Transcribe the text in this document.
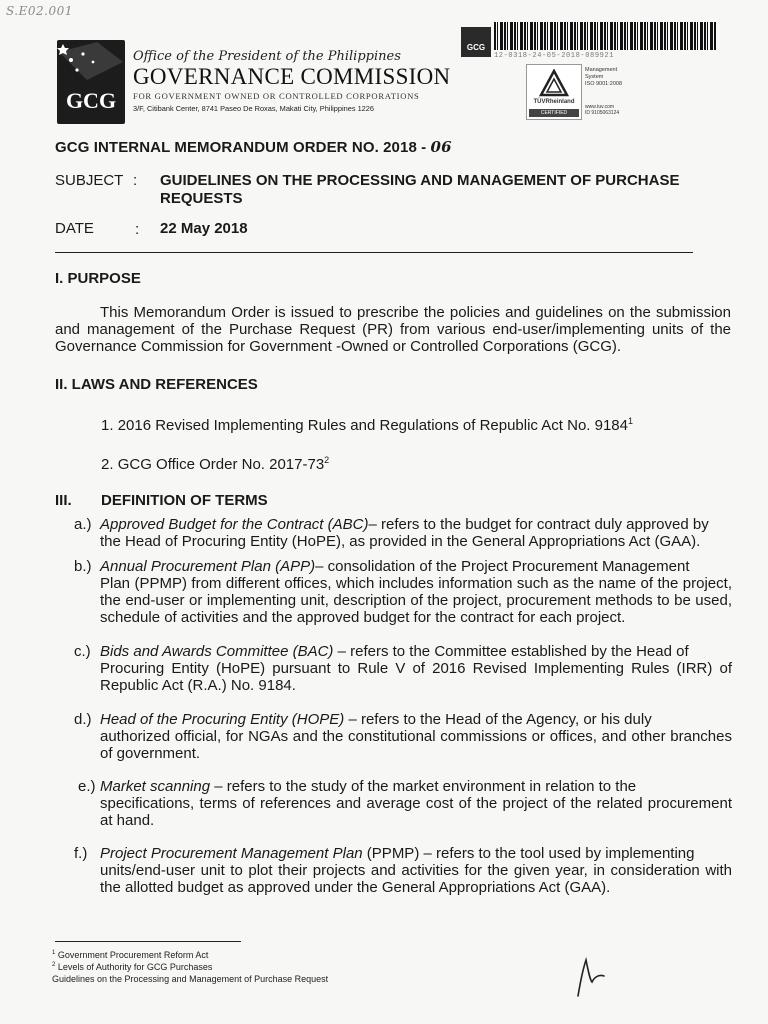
S.E02.001
GCG
Office of the President of the Philippines
GOVERNANCE COMMISSION
FOR GOVERNMENT OWNED OR CONTROLLED CORPORATIONS
3/F, Citibank Center, 8741 Paseo De Roxas, Makati City, Philippines 1226
GCG
12-0318-24-05-2018-089921
TÜVRheinland
CERTIFIED
Management
System
ISO 9001:2008
www.tuv.com
ID 9105063124
GCG INTERNAL MEMORANDUM ORDER NO. 2018 - 06
SUBJECT : GUIDELINES ON THE PROCESSING AND MANAGEMENT OF PURCHASE REQUESTS
DATE	: 22 May 2018
I. PURPOSE
This Memorandum Order is issued to prescribe the policies and guidelines on the submission and management of the Purchase Request (PR) from various end-user/implementing units of the Governance Commission for Government -Owned or Controlled Corporations (GCG).
II. LAWS AND REFERENCES
1. 2016 Revised Implementing Rules and Regulations of Republic Act No. 9184$^1$
2. GCG Office Order No. $2017-73^2$
III. DEFINITION OF TERMS
a.) Approved Budget for the Contract (ABC)– refers to the budget for contract duly approved by
the Head of Procuring Entity (HoPE), as provided in the General Appropriations Act (GAA).
b.) Annual Procurement Plan (APP)– consolidation of the Project Procurement Management
Plan (PPMP) from different offices, which includes information such as the name of the project, the end-user or implementing unit, description of the project, procurement methods to be used, schedule of activities and the approved budget for the contract for each project.
c.) Bids and Awards Committee (BAC) – refers to the Committee established by the Head of
Procuring Entity (HoPE) pursuant to Rule V of 2016 Revised Implementing Rules (IRR) of Republic Act (R.A.) No. 9184.
d.) Head of the Procuring Entity (HOPE) – refers to the Head of the Agency, or his duly
authorized official, for NGAs and the constitutional commissions or offices, and other branches of government.
e.) Market scanning – refers to the study of the market environment in relation to the
specifications, terms of references and average cost of the project of the related procurement at hand.
f.) Project Procurement Management Plan (PPMP) – refers to the tool used by implementing
units/end-user unit to plot their projects and activities for the given year, in consideration with the allotted budget as approved under the General Appropriations Act (GAA).
$^1$ Government Procurement Reform Act
$^2$ Levels of Authority for GCG Purchases
Guidelines on the Processing and Management of Purchase Request
